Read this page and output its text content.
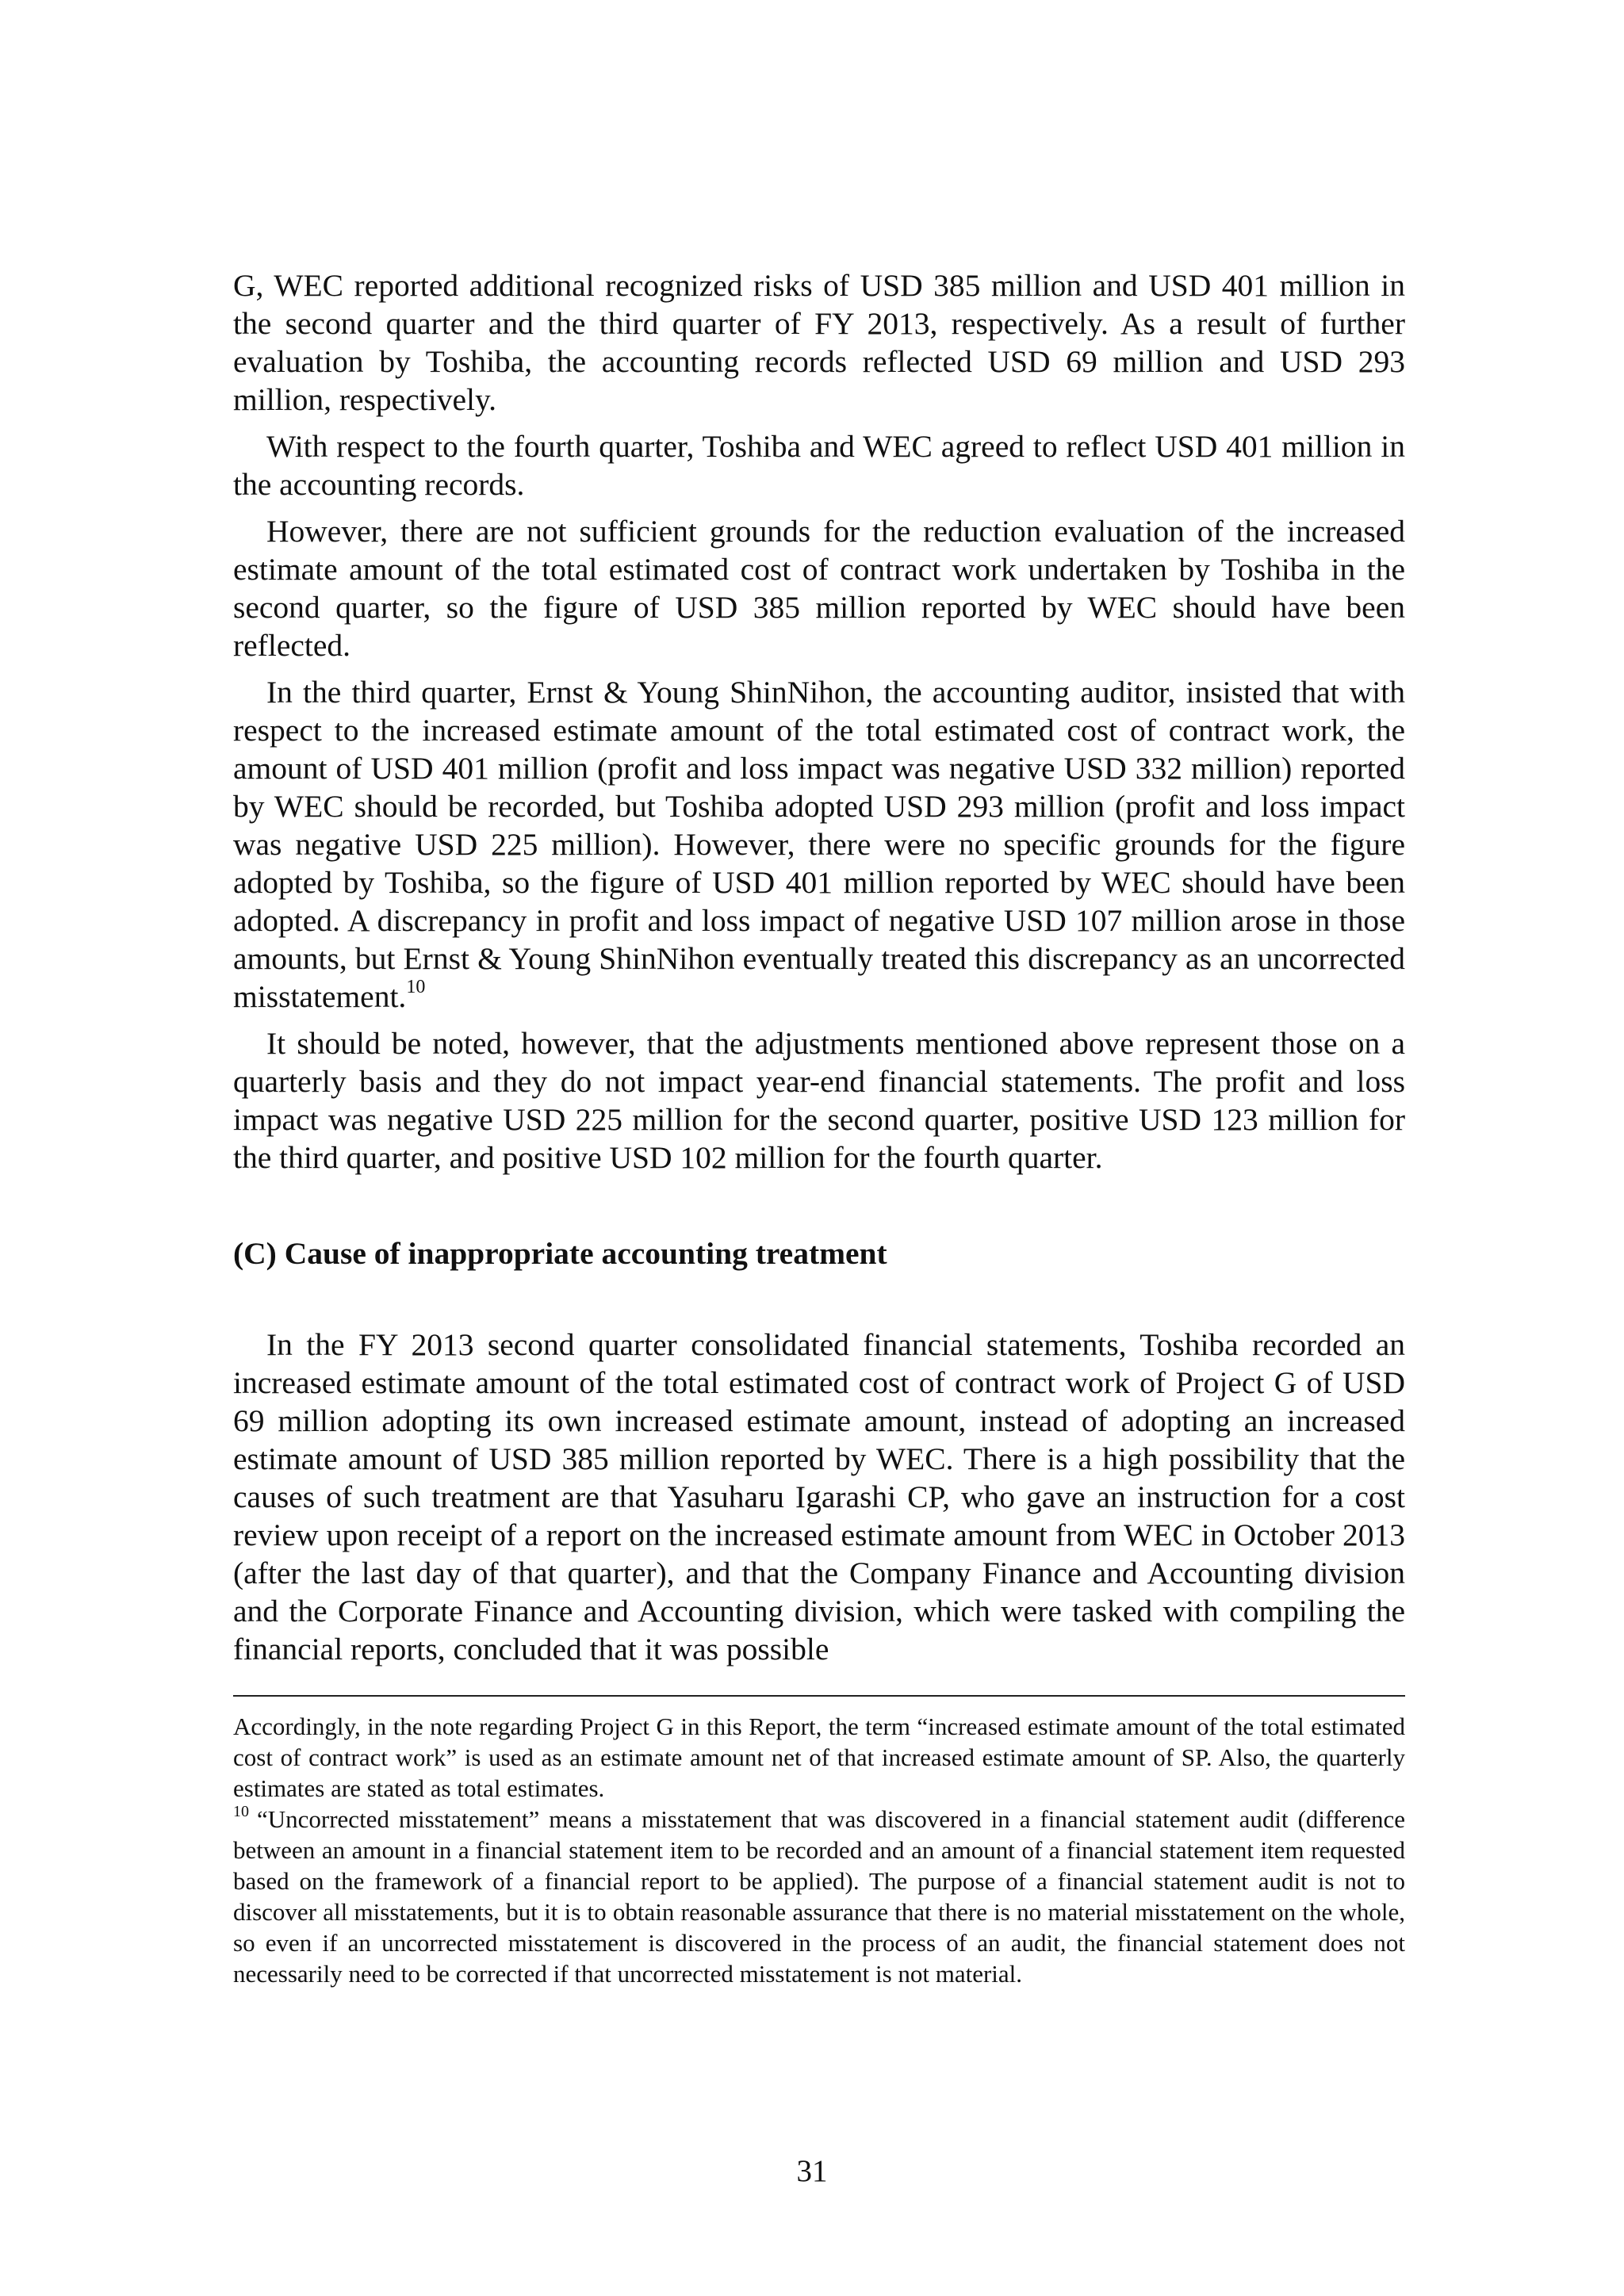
G, WEC reported additional recognized risks of USD 385 million and USD 401 million in the second quarter and the third quarter of FY 2013, respectively. As a result of further evaluation by Toshiba, the accounting records reflected USD 69 million and USD 293 million, respectively.

With respect to the fourth quarter, Toshiba and WEC agreed to reflect USD 401 million in the accounting records.

However, there are not sufficient grounds for the reduction evaluation of the increased estimate amount of the total estimated cost of contract work undertaken by Toshiba in the second quarter, so the figure of USD 385 million reported by WEC should have been reflected.

In the third quarter, Ernst & Young ShinNihon, the accounting auditor, insisted that with respect to the increased estimate amount of the total estimated cost of contract work, the amount of USD 401 million (profit and loss impact was negative USD 332 million) reported by WEC should be recorded, but Toshiba adopted USD 293 million (profit and loss impact was negative USD 225 million). However, there were no specific grounds for the figure adopted by Toshiba, so the figure of USD 401 million reported by WEC should have been adopted. A discrepancy in profit and loss impact of negative USD 107 million arose in those amounts, but Ernst & Young ShinNihon eventually treated this discrepancy as an uncorrected misstatement.$^{10}$

It should be noted, however, that the adjustments mentioned above represent those on a quarterly basis and they do not impact year-end financial statements. The profit and loss impact was negative USD 225 million for the second quarter, positive USD 123 million for the third quarter, and positive USD 102 million for the fourth quarter.

(C) Cause of inappropriate accounting treatment

In the FY 2013 second quarter consolidated financial statements, Toshiba recorded an increased estimate amount of the total estimated cost of contract work of Project G of USD 69 million adopting its own increased estimate amount, instead of adopting an increased estimate amount of USD 385 million reported by WEC. There is a high possibility that the causes of such treatment are that Yasuharu Igarashi CP, who gave an instruction for a cost review upon receipt of a report on the increased estimate amount from WEC in October 2013 (after the last day of that quarter), and that the Company Finance and Accounting division and the Corporate Finance and Accounting division, which were tasked with compiling the financial reports, concluded that it was possible

Accordingly, in the note regarding Project G in this Report, the term “increased estimate amount of the total estimated cost of contract work” is used as an estimate amount net of that increased estimate amount of SP. Also, the quarterly estimates are stated as total estimates.

$^{10}$ “Uncorrected misstatement” means a misstatement that was discovered in a financial statement audit (difference between an amount in a financial statement item to be recorded and an amount of a financial statement item requested based on the framework of a financial report to be applied). The purpose of a financial statement audit is not to discover all misstatements, but it is to obtain reasonable assurance that there is no material misstatement on the whole, so even if an uncorrected misstatement is discovered in the process of an audit, the financial statement does not necessarily need to be corrected if that uncorrected misstatement is not material.

31
